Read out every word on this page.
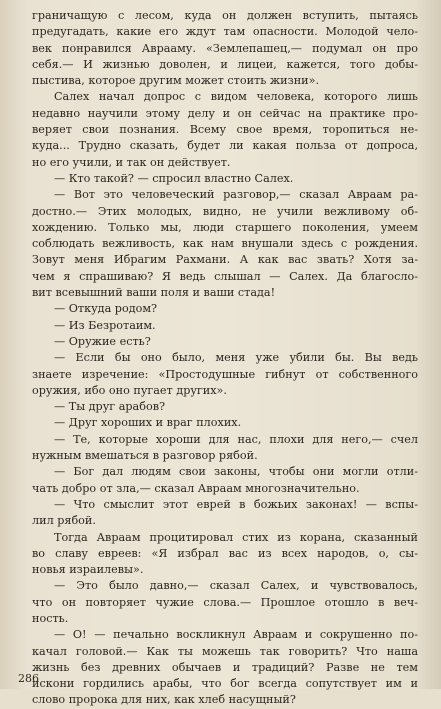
граничащую с лесом, куда он должен вступить, пытаясь
предугадать, какие его ждут там опасности. Молодой чело-
век понравился Аврааму. «Землепашец,— подумал он про
себя.— И жизнью доволен, и лицеи, кажется, того добы-
пыстива, которое другим может стоить жизни».
Салех начал допрос с видом человека, которого лишь
недавно научили этому делу и он сейчас на практике про-
веряет свои познания. Всему свое время, торопиться не-
куда... Трудно сказать, будет ли какая польза от допроса,
но его учили, и так он действует.
— Кто такой? — спросил властно Салех.
— Вот это человеческий разговор,— сказал Авраам ра-
достно.— Этих молодых, видно, не учили вежливому об-
хождению. Только мы, люди старшего поколения, умеем
соблюдать вежливость, как нам внушали здесь с рождения.
Зовут меня Ибрагим Рахмани. А как вас звать? Хотя за-
чем я спрашиваю? Я ведь слышал — Салех. Да благосло-
вит всевышний ваши поля и ваши стада!
— Откуда родом?
— Из Безротаим.
— Оружие есть?
— Если бы оно было, меня уже убили бы. Вы ведь
знаете изречение: «Простодушные гибнут от собственного
оружия, ибо оно пугает других».
— Ты друг арабов?
— Друг хороших и враг плохих.
— Те, которые хороши для нас, плохи для него,— счел
нужным вмешаться в разговор рябой.
— Бог дал людям свои законы, чтобы они могли отли-
чать добро от зла,— сказал Авраам многозначительно.
— Что смыслит этот еврей в божьих законах! — вспы-
лил рябой.
Тогда Авраам процитировал стих из корана, сказанный
во славу евреев: «Я избрал вас из всех народов, о, сы-
новья израилевы».
— Это было давно,— сказал Салех, и чувствовалось,
что он повторяет чужие слова.— Прошлое отошло в веч-
ность.
— О! — печально воскликнул Авраам и сокрушенно по-
качал головой.— Как ты можешь так говорить? Что наша
жизнь без древних обычаев и традиций? Разве не тем
искони гордились арабы, что бог всегда сопутствует им и
слово пророка для них, как хлеб насущный?
286
